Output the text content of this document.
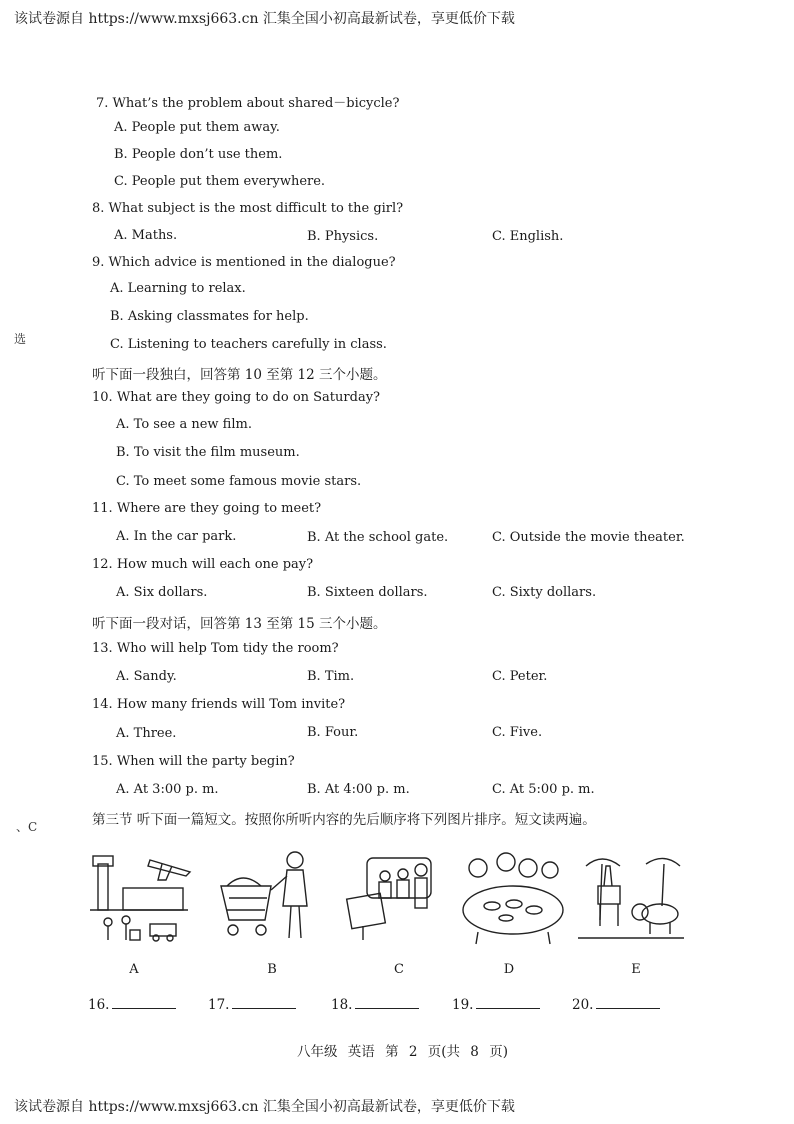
该试卷源自 https://www.mxsj663.cn 汇集全国小初高最新试卷，享更低价下载
选
、C
7. What’s the problem about shared－bicycle?
A. People put them away.
B. People don’t use them.
C. People put them everywhere.
8. What subject is the most difficult to the girl?
A. Maths.	B. Physics.	C. English.
9. Which advice is mentioned in the dialogue?
A. Learning to relax.
B. Asking classmates for help.
C. Listening to teachers carefully in class.
听下面一段独白，回答第 10 至第 12 三个小题。
10. What are they going to do on Saturday?
A. To see a new film.
B. To visit the film museum.
C. To meet some famous movie stars.
11. Where are they going to meet?
A. In the car park.	B. At the school gate.	C. Outside the movie theater.
12. How much will each one pay?
A. Six dollars.	B. Sixteen dollars.	C. Sixty dollars.
听下面一段对话，回答第 13 至第 15 三个小题。
13. Who will help Tom tidy the room?
A. Sandy.	B. Tim.	C. Peter.
14. How many friends will Tom invite?
A. Three.	B. Four.	C. Five.
15. When will the party begin?
A. At 3:00 p. m.	B. At 4:00 p. m.	C. At 5:00 p. m.
第三节 听下面一篇短文。按照你所听内容的先后顺序将下列图片排序。短文读两遍。
A	B	C	D	E
16.	17.	18.	19.	20.
八年级 英语 第 2 页(共 8 页)
该试卷源自 https://www.mxsj663.cn 汇集全国小初高最新试卷，享更低价下载
